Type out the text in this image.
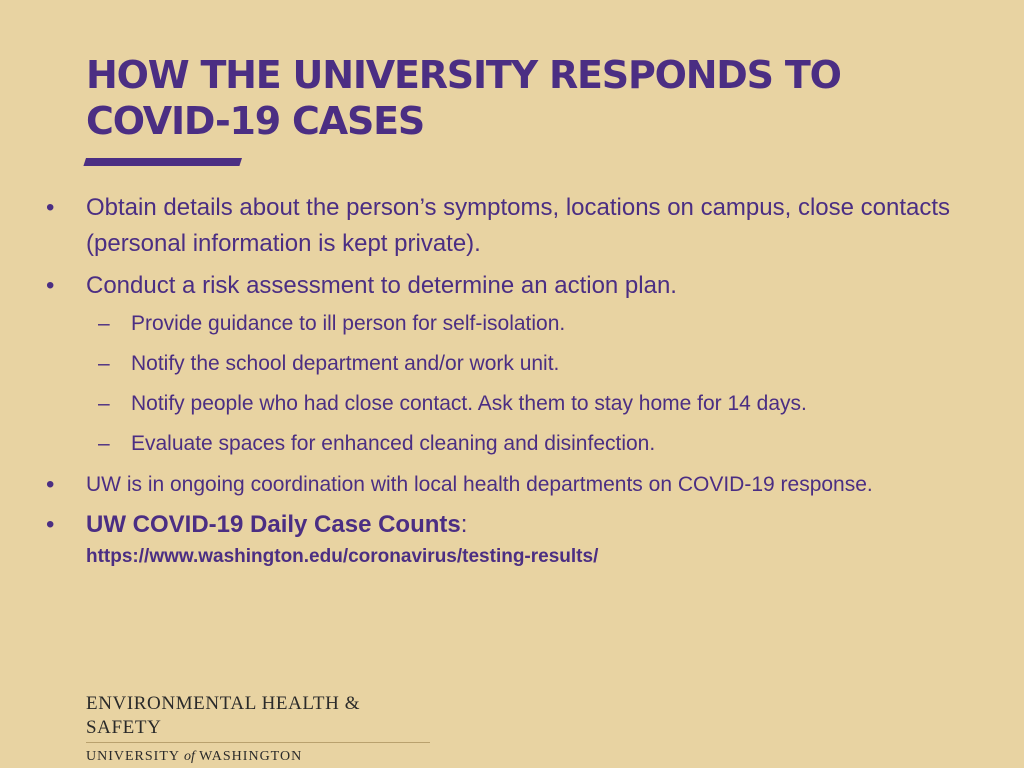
HOW THE UNIVERSITY RESPONDS TO
COVID-19 CASES
• Obtain details about the person’s symptoms, locations on campus, close contacts (personal information is kept private).
• Conduct a risk assessment to determine an action plan.
– Provide guidance to ill person for self-isolation.
– Notify the school department and/or work unit.
– Notify people who had close contact. Ask them to stay home for 14 days.
– Evaluate spaces for enhanced cleaning and disinfection.
• UW is in ongoing coordination with local health departments on COVID-19 response.
• UW COVID-19 Daily Case Counts:
https://www.washington.edu/coronavirus/testing-results/
ENVIRONMENTAL HEALTH & SAFETY
UNIVERSITY of WASHINGTON
